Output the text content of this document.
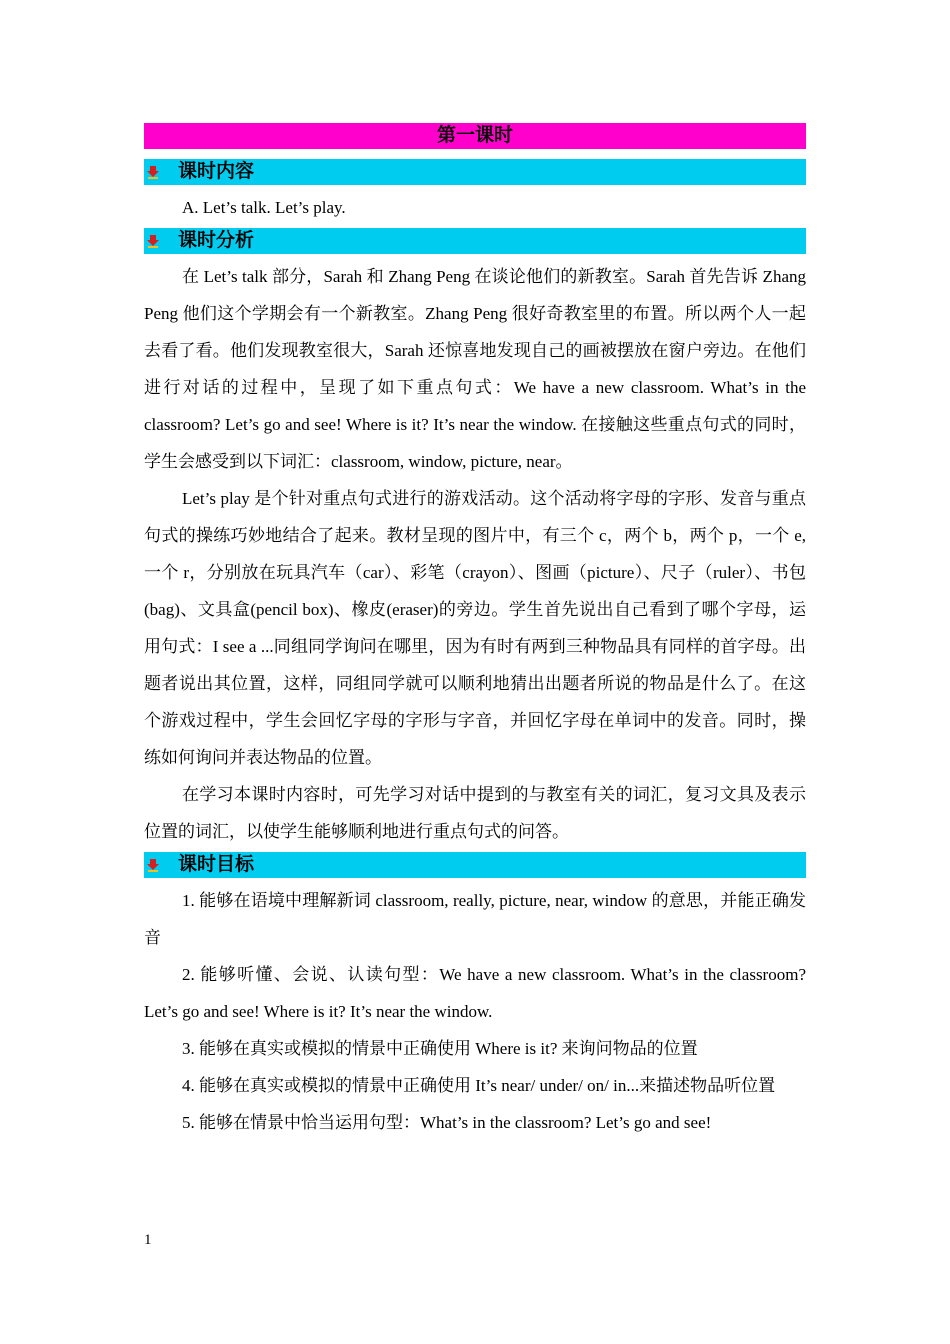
第一课时
课时内容

A. Let’s talk. Let’s play.

课时分析

在 Let’s talk 部分，Sarah 和 Zhang Peng 在谈论他们的新教室。Sarah 首先告诉 Zhang Peng 他们这个学期会有一个新教室。Zhang Peng 很好奇教室里的布置。所以两个人一起去看了看。他们发现教室很大，Sarah 还惊喜地发现自己的画被摆放在窗户旁边。在他们进行对话的过程中，呈现了如下重点句式：We have a new classroom. What’s in the classroom? Let’s go and see! Where is it? It’s near the window. 在接触这些重点句式的同时，学生会感受到以下词汇：classroom, window, picture, near。

Let’s play 是个针对重点句式进行的游戏活动。这个活动将字母的字形、发音与重点句式的操练巧妙地结合了起来。教材呈现的图片中，有三个 c，两个 b，两个 p，一个 e, 一个 r，分别放在玩具汽车（car）、彩笔（crayon）、图画（picture）、尺子（ruler）、书包(bag)、文具盒(pencil box)、橡皮(eraser)的旁边。学生首先说出自己看到了哪个字母，运用句式：I see a ...同组同学询问在哪里，因为有时有两到三种物品具有同样的首字母。出题者说出其位置，这样，同组同学就可以顺利地猜出出题者所说的物品是什么了。在这个游戏过程中，学生会回忆字母的字形与字音，并回忆字母在单词中的发音。同时，操练如何询问并表达物品的位置。

在学习本课时内容时，可先学习对话中提到的与教室有关的词汇，复习文具及表示位置的词汇，以使学生能够顺利地进行重点句式的问答。

课时目标

1. 能够在语境中理解新词 classroom, really, picture, near, window 的意思，并能正确发音

2. 能够听懂、会说、认读句型：We have a new classroom. What’s in the classroom? Let’s go and see! Where is it? It’s near the window.

3. 能够在真实或模拟的情景中正确使用 Where is it? 来询问物品的位置

4. 能够在真实或模拟的情景中正确使用 It’s near/ under/ on/ in...来描述物品听位置

5. 能够在情景中恰当运用句型：What’s in the classroom? Let’s go and see!

1
